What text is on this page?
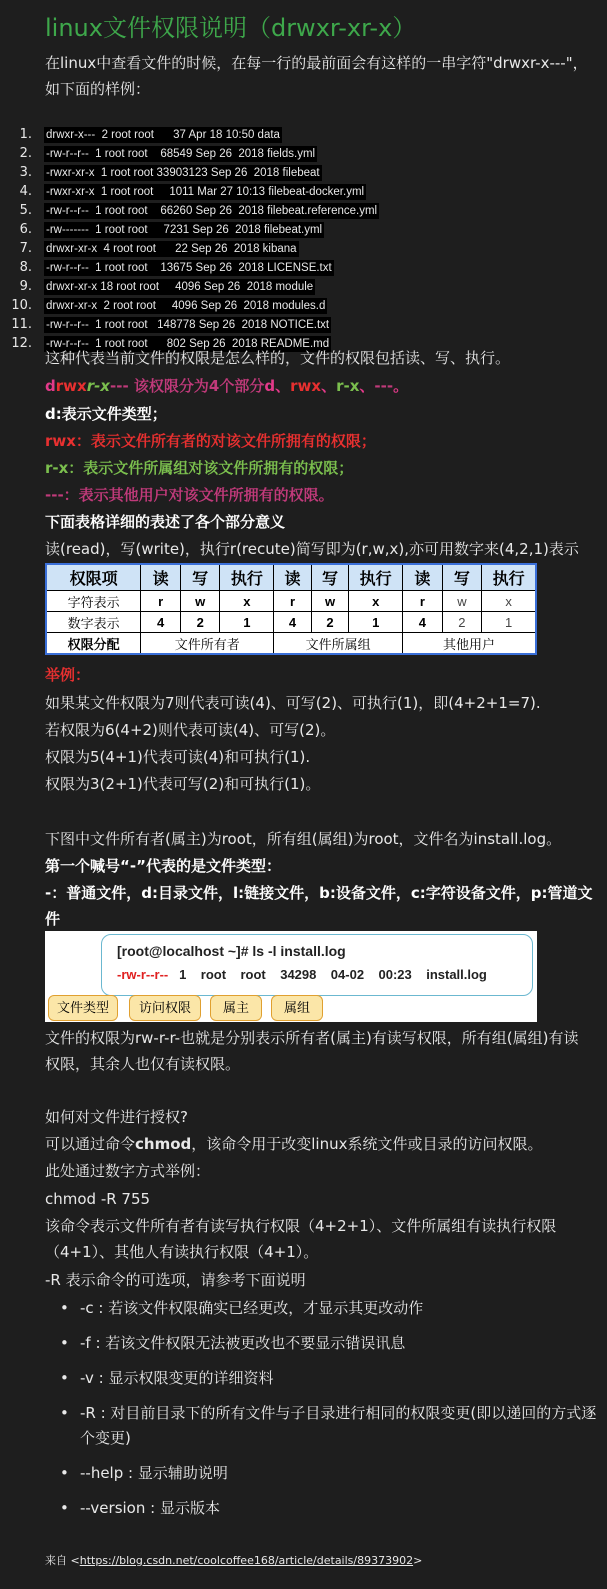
linux文件权限说明（drwxr-xr-x）
在linux中查看文件的时候，在每一行的最前面会有这样的一串字符"drwxr-x---"，如下面的样例：
1. drwxr-x---  2 root root      37 Apr 18 10:50 data
2. -rw-r--r--  1 root root    68549 Sep 26  2018 fields.yml
3. -rwxr-xr-x  1 root root 33903123 Sep 26  2018 filebeat
4. -rwxr-xr-x  1 root root     1011 Mar 27 10:13 filebeat-docker.yml
5. -rw-r--r--  1 root root    66260 Sep 26  2018 filebeat.reference.yml
6. -rw-------  1 root root     7231 Sep 26  2018 filebeat.yml
7. drwxr-xr-x  4 root root      22 Sep 26  2018 kibana
8. -rw-r--r--  1 root root    13675 Sep 26  2018 LICENSE.txt
9. drwxr-xr-x 18 root root     4096 Sep 26  2018 module
10. drwxr-xr-x  2 root root     4096 Sep 26  2018 modules.d
11. -rw-r--r--  1 root root   148778 Sep 26  2018 NOTICE.txt
12. -rw-r--r--  1 root root      802 Sep 26  2018 README.md
这种代表当前文件的权限是怎么样的，文件的权限包括读、写、执行。
drwxr-x--- 该权限分为4个部分d、rwx、r-x、---。
d:表示文件类型；
rwx：表示文件所有者的对该文件所拥有的权限；
r-x：表示文件所属组对该文件所拥有的权限；
---：表示其他用户对该文件所拥有的权限。
下面表格详细的表述了各个部分意义
读(read)，写(write)，执行r(recute)简写即为(r,w,x),亦可用数字来(4,2,1)表示
权限项	读	写	执行	读	写	执行	读	写	执行
字符表示	r	w	x	r	w	x	r	w	x
数字表示	4	2	1	4	2	1	4	2	1
权限分配	文件所有者			文件所属组			其他用户		
举例：
如果某文件权限为7则代表可读(4)、可写(2)、可执行(1)，即(4+2+1=7).
若权限为6(4+2)则代表可读(4)、可写(2)。
权限为5(4+1)代表可读(4)和可执行(1).
权限为3(2+1)代表可写(2)和可执行(1)。
下图中文件所有者(属主)为root，所有组(属组)为root，文件名为install.log。
第一个喊号“-”代表的是文件类型：
-：普通文件，d:目录文件，l:链接文件，b:设备文件，c:字符设备文件，p:管道文件
[root@localhost ~]# ls -l install.log
-rw-r--r--   1    root    root    34298    04-02    00:23    install.log
文件类型	访问权限	属主	属组
文件的权限为rw-r-r-也就是分别表示所有者(属主)有读写权限，所有组(属组)有读权限，其余人也仅有读权限。
如何对文件进行授权?
可以通过命令chmod，该命令用于改变linux系统文件或目录的访问权限。
此处通过数字方式举例：
chmod -R 755
该命令表示文件所有者有读写执行权限（4+2+1）、文件所属组有读执行权限（4+1）、其他人有读执行权限（4+1）。
-R 表示命令的可选项，请参考下面说明
• -c : 若该文件权限确实已经更改，才显示其更改动作
• -f : 若该文件权限无法被更改也不要显示错误讯息
• -v : 显示权限变更的详细资料
• -R : 对目前目录下的所有文件与子目录进行相同的权限变更(即以递回的方式逐个变更)
• --help : 显示辅助说明
• --version : 显示版本
来自 <https://blog.csdn.net/coolcoffee168/article/details/89373902>
